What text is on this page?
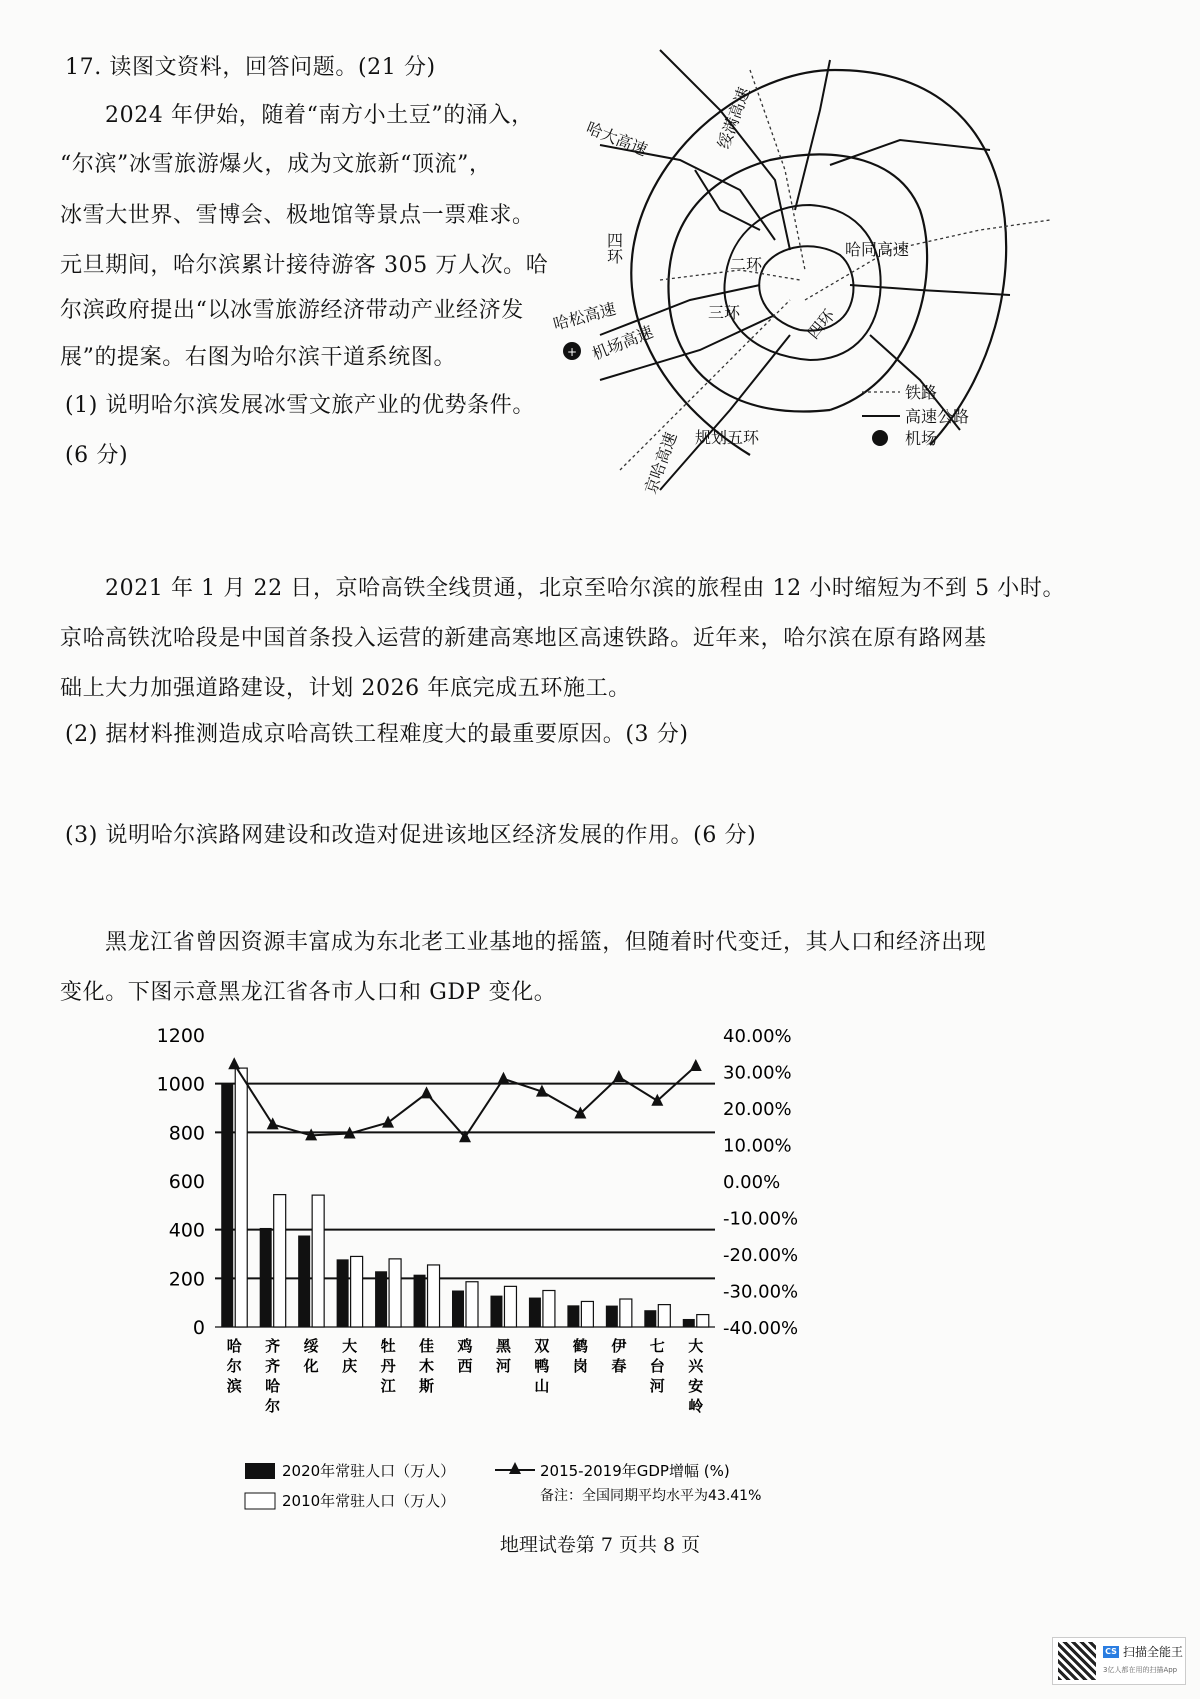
17. 读图文资料，回答问题。(21 分)
2024 年伊始，随着“南方小土豆”的涌入，
“尔滨”冰雪旅游爆火，成为文旅新“顶流”，
冰雪大世界、雪博会、极地馆等景点一票难求。
元旦期间，哈尔滨累计接待游客 305 万人次。哈
尔滨政府提出“以冰雪旅游经济带动产业经济发
展”的提案。右图为哈尔滨干道系统图。
(1) 说明哈尔滨发展冰雪文旅产业的优势条件。
(6 分)
+
绥满高速
哈大高速
四环
二环
哈同高速
哈松高速	三环
机场高速	四环
京哈高速 规划五环
铁路
高速公路
机场
2021 年 1 月 22 日，京哈高铁全线贯通，北京至哈尔滨的旅程由 12 小时缩短为不到 5 小时。
京哈高铁沈哈段是中国首条投入运营的新建高寒地区高速铁路。近年来，哈尔滨在原有路网基
础上大力加强道路建设，计划 2026 年底完成五环施工。
(2) 据材料推测造成京哈高铁工程难度大的最重要原因。(3 分)
(3) 说明哈尔滨路网建设和改造对促进该地区经济发展的作用。(6 分)
黑龙江省曾因资源丰富成为东北老工业基地的摇篮，但随着时代变迁，其人口和经济出现
变化。下图示意黑龙江省各市人口和 GDP 变化。
1200
1000
800
600
400
200
0
40.00%
30.00%
20.00%
10.00%
0.00%
-10.00%
-20.00%
-30.00%
-40.00%
哈
尔
滨
齐
齐
哈
尔
绥
化
大
庆
牡
丹
江
佳
木
斯
鸡
西
黑
河
双
鸭
山
鹤
岗
伊
春
七
台
河
大
兴
安
岭
2020年常驻人口（万人）
2010年常驻人口（万人）
2015-2019年GDP增幅 (%)
备注：全国同期平均水平为43.41%
地理试卷第 7 页共 8 页
CS 扫描全能王
3亿人都在用的扫描App
